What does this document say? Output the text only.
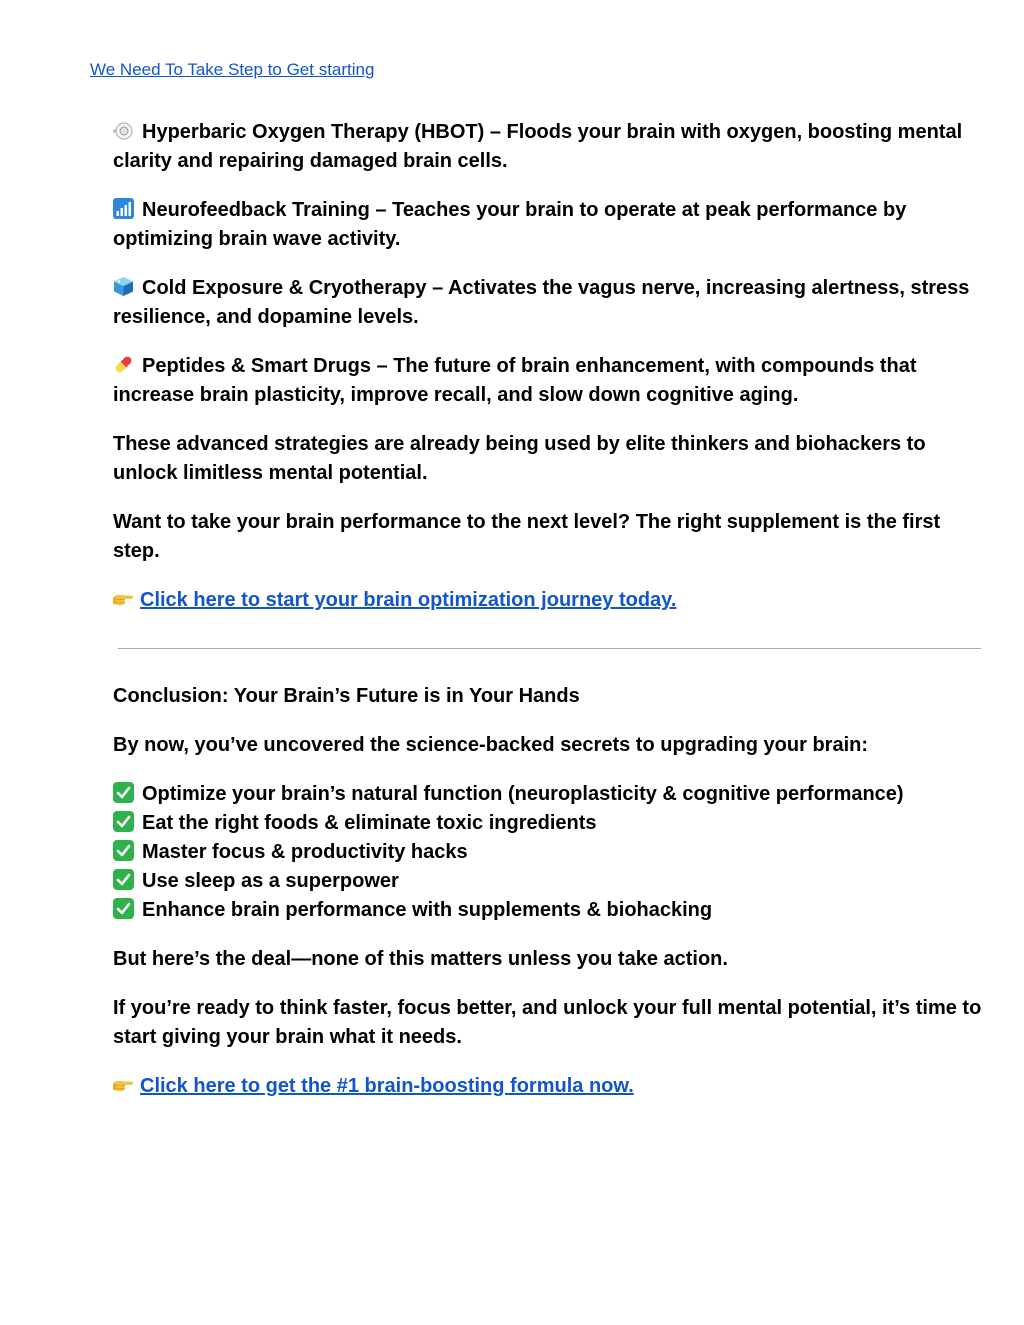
We Need To Take Step to Get starting

Hyperbaric Oxygen Therapy (HBOT) – Floods your brain with oxygen, boosting mental clarity and repairing damaged brain cells.

Neurofeedback Training – Teaches your brain to operate at peak performance by optimizing brain wave activity.

Cold Exposure & Cryotherapy – Activates the vagus nerve, increasing alertness, stress resilience, and dopamine levels.

Peptides & Smart Drugs – The future of brain enhancement, with compounds that increase brain plasticity, improve recall, and slow down cognitive aging.

These advanced strategies are already being used by elite thinkers and biohackers to unlock limitless mental potential.

Want to take your brain performance to the next level? The right supplement is the first step.

Click here to start your brain optimization journey today.

Conclusion: Your Brain’s Future is in Your Hands

By now, you’ve uncovered the science-backed secrets to upgrading your brain:

Optimize your brain’s natural function (neuroplasticity & cognitive performance)
Eat the right foods & eliminate toxic ingredients
Master focus & productivity hacks
Use sleep as a superpower
Enhance brain performance with supplements & biohacking

But here’s the deal—none of this matters unless you take action.

If you’re ready to think faster, focus better, and unlock your full mental potential, it’s time to start giving your brain what it needs.

Click here to get the #1 brain-boosting formula now.
